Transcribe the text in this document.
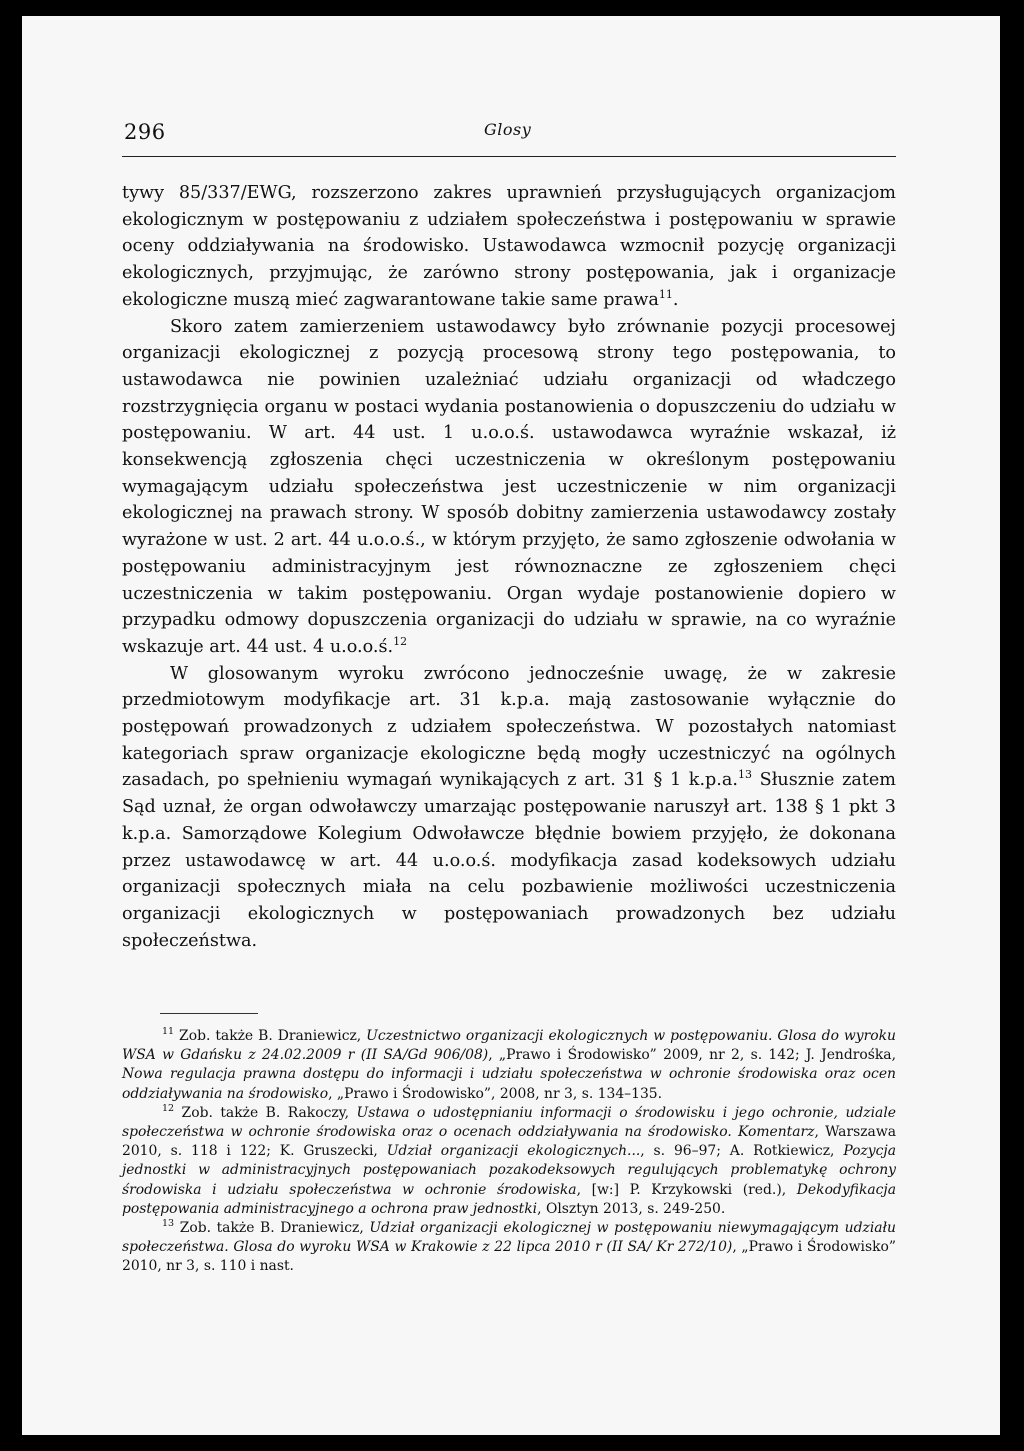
296	Glosy

tywy 85/337/EWG, rozszerzono zakres uprawnień przysługujących organizacjom ekologicznym w postępowaniu z udziałem społeczeństwa i postępowaniu w sprawie oceny oddziaływania na środowisko. Ustawodawca wzmocnił pozycję organizacji ekologicznych, przyjmując, że zarówno strony postępowania, jak i organizacje ekologiczne muszą mieć zagwarantowane takie same prawa$^{11}$.

Skoro zatem zamierzeniem ustawodawcy było zrównanie pozycji procesowej organizacji ekologicznej z pozycją procesową strony tego postępowania, to ustawodawca nie powinien uzależniać udziału organizacji od władczego rozstrzygnięcia organu w postaci wydania postanowienia o dopuszczeniu do udziału w postępowaniu. W art. 44 ust. 1 u.o.o.ś. ustawodawca wyraźnie wskazał, iż konsekwencją zgłoszenia chęci uczestniczenia w określonym postępowaniu wymagającym udziału społeczeństwa jest uczestniczenie w nim organizacji ekologicznej na prawach strony. W sposób dobitny zamierzenia ustawodawcy zostały wyrażone w ust. 2 art. 44 u.o.o.ś., w którym przyjęto, że samo zgłoszenie odwołania w postępowaniu administracyjnym jest równoznaczne ze zgłoszeniem chęci uczestniczenia w takim postępowaniu. Organ wydaje postanowienie dopiero w przypadku odmowy dopuszczenia organizacji do udziału w sprawie, na co wyraźnie wskazuje art. 44 ust. 4 u.o.o.ś.$^{12}$

W glosowanym wyroku zwrócono jednocześnie uwagę, że w zakresie przedmiotowym modyfikacje art. 31 k.p.a. mają zastosowanie wyłącznie do postępowań prowadzonych z udziałem społeczeństwa. W pozostałych natomiast kategoriach spraw organizacje ekologiczne będą mogły uczestniczyć na ogólnych zasadach, po spełnieniu wymagań wynikających z art. 31 § 1 k.p.a.$^{13}$ Słusznie zatem Sąd uznał, że organ odwoławczy umarzając postępowanie naruszył art. 138 § 1 pkt 3 k.p.a. Samorządowe Kolegium Odwoławcze błędnie bowiem przyjęło, że dokonana przez ustawodawcę w art. 44 u.o.o.ś. modyfikacja zasad kodeksowych udziału organizacji społecznych miała na celu pozbawienie możliwości uczestniczenia organizacji ekologicznych w postępowaniach prowadzonych bez udziału społeczeństwa.

$^{11}$ Zob. także B. Draniewicz, Uczestnictwo organizacji ekologicznych w postępowaniu. Glosa do wyroku WSA w Gdańsku z 24.02.2009 r (II SA/Gd 906/08), „Prawo i Środowisko” 2009, nr 2, s. 142; J. Jendrośka, Nowa regulacja prawna dostępu do informacji i udziału społeczeństwa w ochronie środowiska oraz ocen oddziaływania na środowisko, „Prawo i Środowisko”, 2008, nr 3, s. 134–135.

$^{12}$ Zob. także B. Rakoczy, Ustawa o udostępnianiu informacji o środowisku i jego ochronie, udziale społeczeństwa w ochronie środowiska oraz o ocenach oddziaływania na środowisko. Komentarz, Warszawa 2010, s. 118 i 122; K. Gruszecki, Udział organizacji ekologicznych..., s. 96–97; A. Rotkiewicz, Pozycja jednostki w administracyjnych postępowaniach pozakodeksowych regulujących problematykę ochrony środowiska i udziału społeczeństwa w ochronie środowiska, [w:] P. Krzykowski (red.), Dekodyfikacja postępowania administracyjnego a ochrona praw jednostki, Olsztyn 2013, s. 249-250.

$^{13}$ Zob. także B. Draniewicz, Udział organizacji ekologicznej w postępowaniu niewymagającym udziału społeczeństwa. Glosa do wyroku WSA w Krakowie z 22 lipca 2010 r (II SA/ Kr 272/10), „Prawo i Środowisko” 2010, nr 3, s. 110 i nast.
